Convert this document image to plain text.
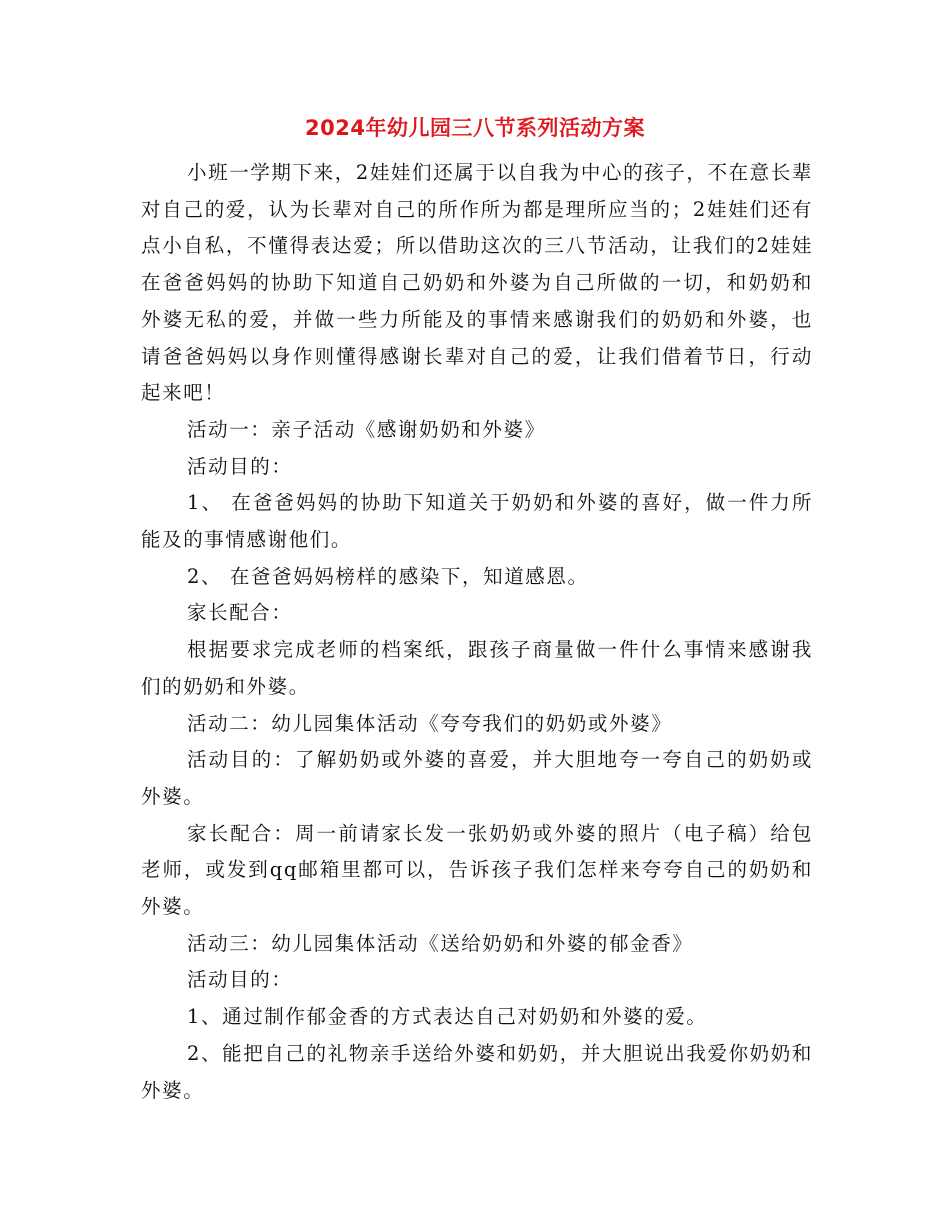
2024年幼儿园三八节系列活动方案

小班一学期下来，2娃娃们还属于以自我为中心的孩子，不在意长辈对自己的爱，认为长辈对自己的所作所为都是理所应当的；2娃娃们还有点小自私，不懂得表达爱；所以借助这次的三八节活动，让我们的2娃娃在爸爸妈妈的协助下知道自己奶奶和外婆为自己所做的一切，和奶奶和外婆无私的爱，并做一些力所能及的事情来感谢我们的奶奶和外婆，也请爸爸妈妈以身作则懂得感谢长辈对自己的爱，让我们借着节日，行动起来吧！

活动一：亲子活动《感谢奶奶和外婆》

活动目的：

1、 在爸爸妈妈的协助下知道关于奶奶和外婆的喜好，做一件力所能及的事情感谢他们。

2、 在爸爸妈妈榜样的感染下，知道感恩。

家长配合：

根据要求完成老师的档案纸，跟孩子商量做一件什么事情来感谢我们的奶奶和外婆。

活动二：幼儿园集体活动《夸夸我们的奶奶或外婆》

活动目的：了解奶奶或外婆的喜爱，并大胆地夸一夸自己的奶奶或外婆。

家长配合：周一前请家长发一张奶奶或外婆的照片（电子稿）给包老师，或发到qq邮箱里都可以，告诉孩子我们怎样来夸夸自己的奶奶和外婆。

活动三：幼儿园集体活动《送给奶奶和外婆的郁金香》

活动目的：

1、通过制作郁金香的方式表达自己对奶奶和外婆的爱。

2、能把自己的礼物亲手送给外婆和奶奶，并大胆说出我爱你奶奶和外婆。
